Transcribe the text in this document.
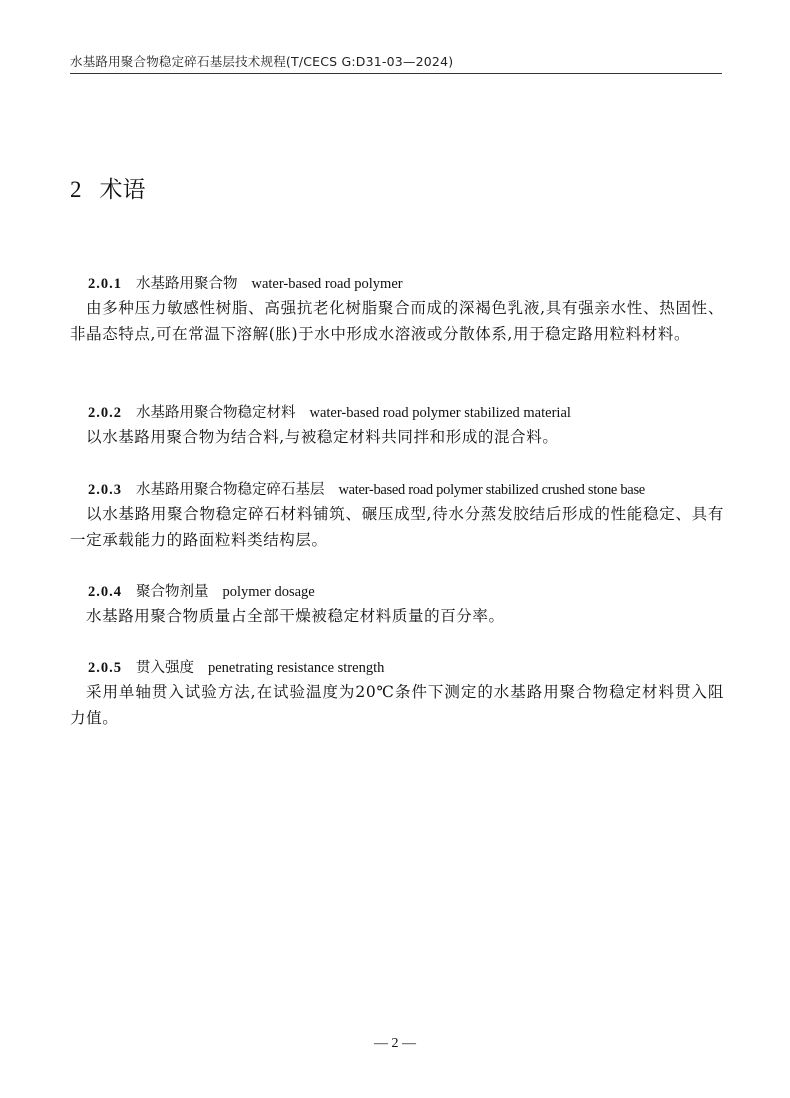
水基路用聚合物稳定碎石基层技术规程(T/CECS G:D31-03—2024)
2 术语
2.0.1 水基路用聚合物 water-based road polymer
由多种压力敏感性树脂、高强抗老化树脂聚合而成的深褐色乳液,具有强亲水性、热固性、非晶态特点,可在常温下溶解(胀)于水中形成水溶液或分散体系,用于稳定路用粒料材料。
2.0.2 水基路用聚合物稳定材料 water-based road polymer stabilized material
以水基路用聚合物为结合料,与被稳定材料共同拌和形成的混合料。
2.0.3 水基路用聚合物稳定碎石基层 water-based road polymer stabilized crushed stone base
以水基路用聚合物稳定碎石材料铺筑、碾压成型,待水分蒸发胶结后形成的性能稳定、具有一定承载能力的路面粒料类结构层。
2.0.4 聚合物剂量 polymer dosage
水基路用聚合物质量占全部干燥被稳定材料质量的百分率。
2.0.5 贯入强度 penetrating resistance strength
采用单轴贯入试验方法,在试验温度为20℃条件下测定的水基路用聚合物稳定材料贯入阻力值。
— 2 —
